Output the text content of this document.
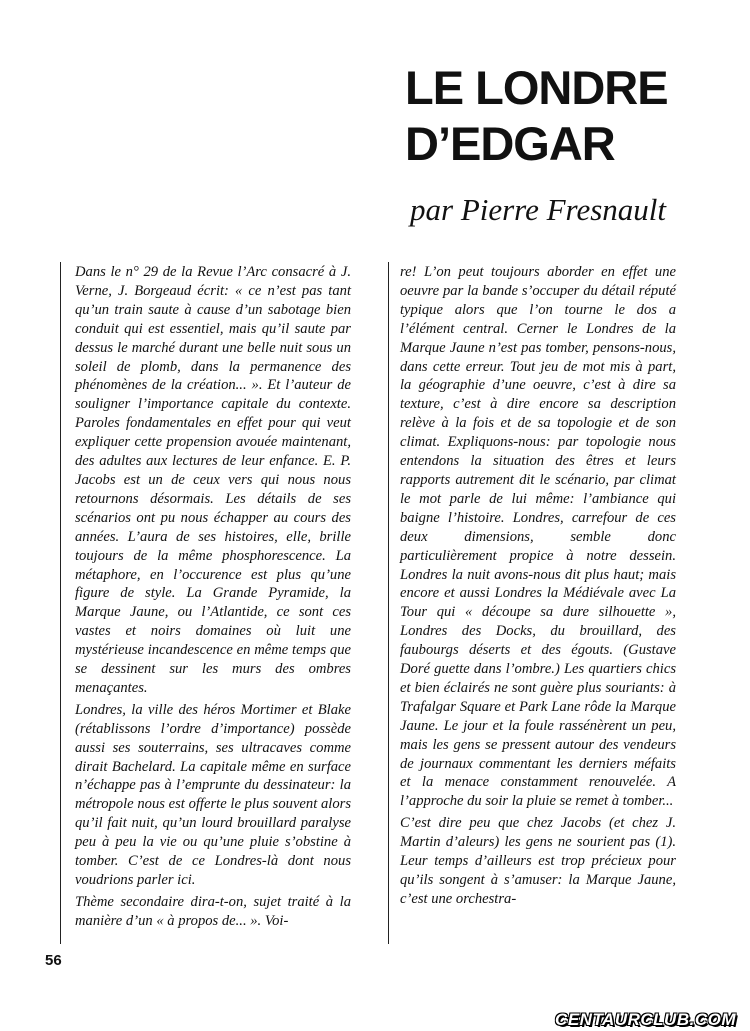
LE LONDRE
D’EDGAR
par Pierre Fresnault

Dans le n° 29 de la Revue l’Arc consacré à J. Verne, J. Borgeaud écrit: « ce n’est pas tant qu’un train saute à cause d’un sabotage bien conduit qui est essentiel, mais qu’il saute par dessus le marché durant une belle nuit sous un soleil de plomb, dans la permanence des phénomènes de la création... ». Et l’auteur de souligner l’importance capitale du contexte. Paroles fondamentales en effet pour qui veut expliquer cette propension avouée maintenant, des adultes aux lectures de leur enfance. E. P. Jacobs est un de ceux vers qui nous nous retournons désormais. Les détails de ses scénarios ont pu nous échapper au cours des années. L’aura de ses histoires, elle, brille toujours de la même phosphorescence. La métaphore, en l’occurence est plus qu’une figure de style. La Grande Pyramide, la Marque Jaune, ou l’Atlantide, ce sont ces vastes et noirs domaines où luit une mystérieuse incandescence en même temps que se dessinent sur les murs des ombres menaçantes.

Londres, la ville des héros Mortimer et Blake (rétablissons l’ordre d’importance) possède aussi ses souterrains, ses ultracaves comme dirait Bachelard. La capitale même en surface n’échappe pas à l’emprunte du dessinateur: la métropole nous est offerte le plus souvent alors qu’il fait nuit, qu’un lourd brouillard paralyse peu à peu la vie ou qu’une pluie s’obstine à tomber. C’est de ce Londres-là dont nous voudrions parler ici.

Thème secondaire dira-t-on, sujet traité à la manière d’un « à propos de... ». Voi-

re! L’on peut toujours aborder en effet une oeuvre par la bande s’occuper du détail réputé typique alors que l’on tourne le dos a l’élément central. Cerner le Londres de la Marque Jaune n’est pas tomber, pensons-nous, dans cette erreur. Tout jeu de mot mis à part, la géographie d’une oeuvre, c’est à dire sa texture, c’est à dire encore sa description relève à la fois et de sa topologie et de son climat. Expliquons-nous: par topologie nous entendons la situation des êtres et leurs rapports autrement dit le scénario, par climat le mot parle de lui même: l’ambiance qui baigne l’histoire. Londres, carrefour de ces deux dimensions, semble donc particulièrement propice à notre dessein. Londres la nuit avons-nous dit plus haut; mais encore et aussi Londres la Médiévale avec La Tour qui « découpe sa dure silhouette », Londres des Docks, du brouillard, des faubourgs déserts et des égouts. (Gustave Doré guette dans l’ombre.) Les quartiers chics et bien éclairés ne sont guère plus souriants: à Trafalgar Square et Park Lane rôde la Marque Jaune. Le jour et la foule rassénèrent un peu, mais les gens se pressent autour des vendeurs de journaux commentant les derniers méfaits et la menace constamment renouvelée. A l’approche du soir la pluie se remet à tomber...

C’est dire peu que chez Jacobs (et chez J. Martin d’aleurs) les gens ne sourient pas (1). Leur temps d’ailleurs est trop précieux pour qu’ils songent à s’amuser: la Marque Jaune, c’est une orchestra-

56
CENTAURCLUB.COM
